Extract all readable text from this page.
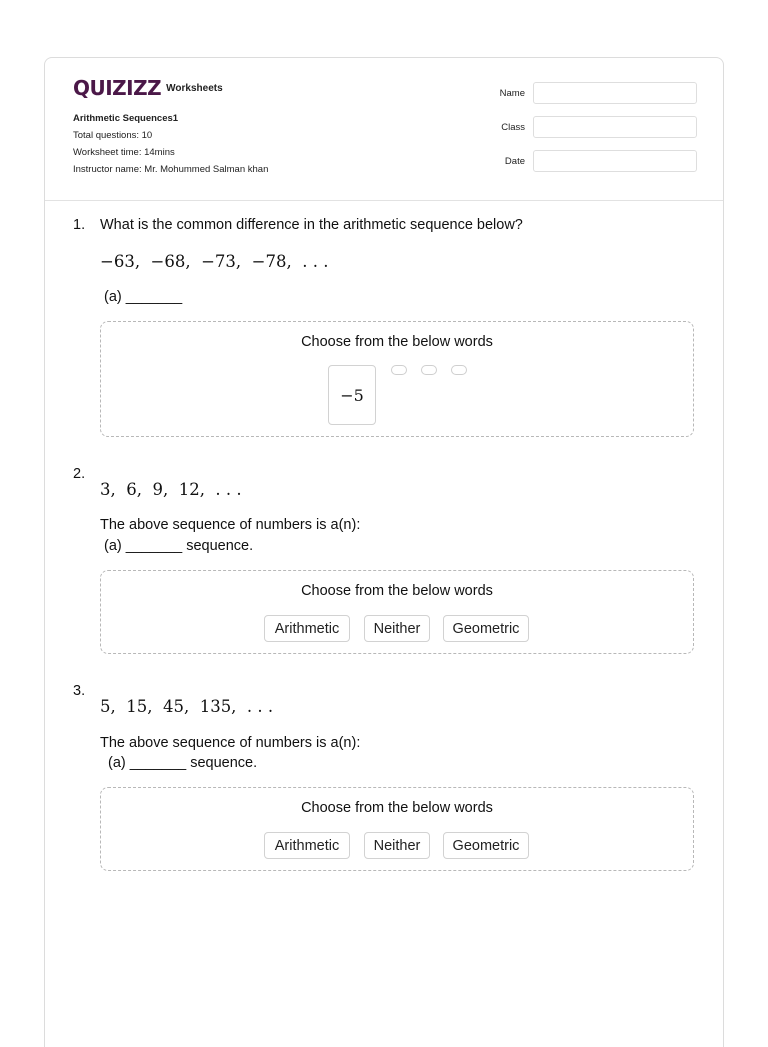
QUIZIZZ Worksheets
Arithmetic Sequences1
Total questions: 10
Worksheet time: 14mins
Instructor name: Mr. Mohummed Salman khan
Name
Class
Date
1. What is the common difference in the arithmetic sequence below?
−63,  −68,  −73,  −78,  . . .
(a) _______
Choose from the below words
−5
2.
3,  6,  9,  12,  . . .
The above sequence of numbers is a(n):
(a) _______ sequence.
Choose from the below words
Arithmetic	Neither	Geometric
3.
5,  15,  45,  135,  . . .
The above sequence of numbers is a(n):
(a) _______ sequence.
Choose from the below words
Arithmetic	Neither	Geometric
